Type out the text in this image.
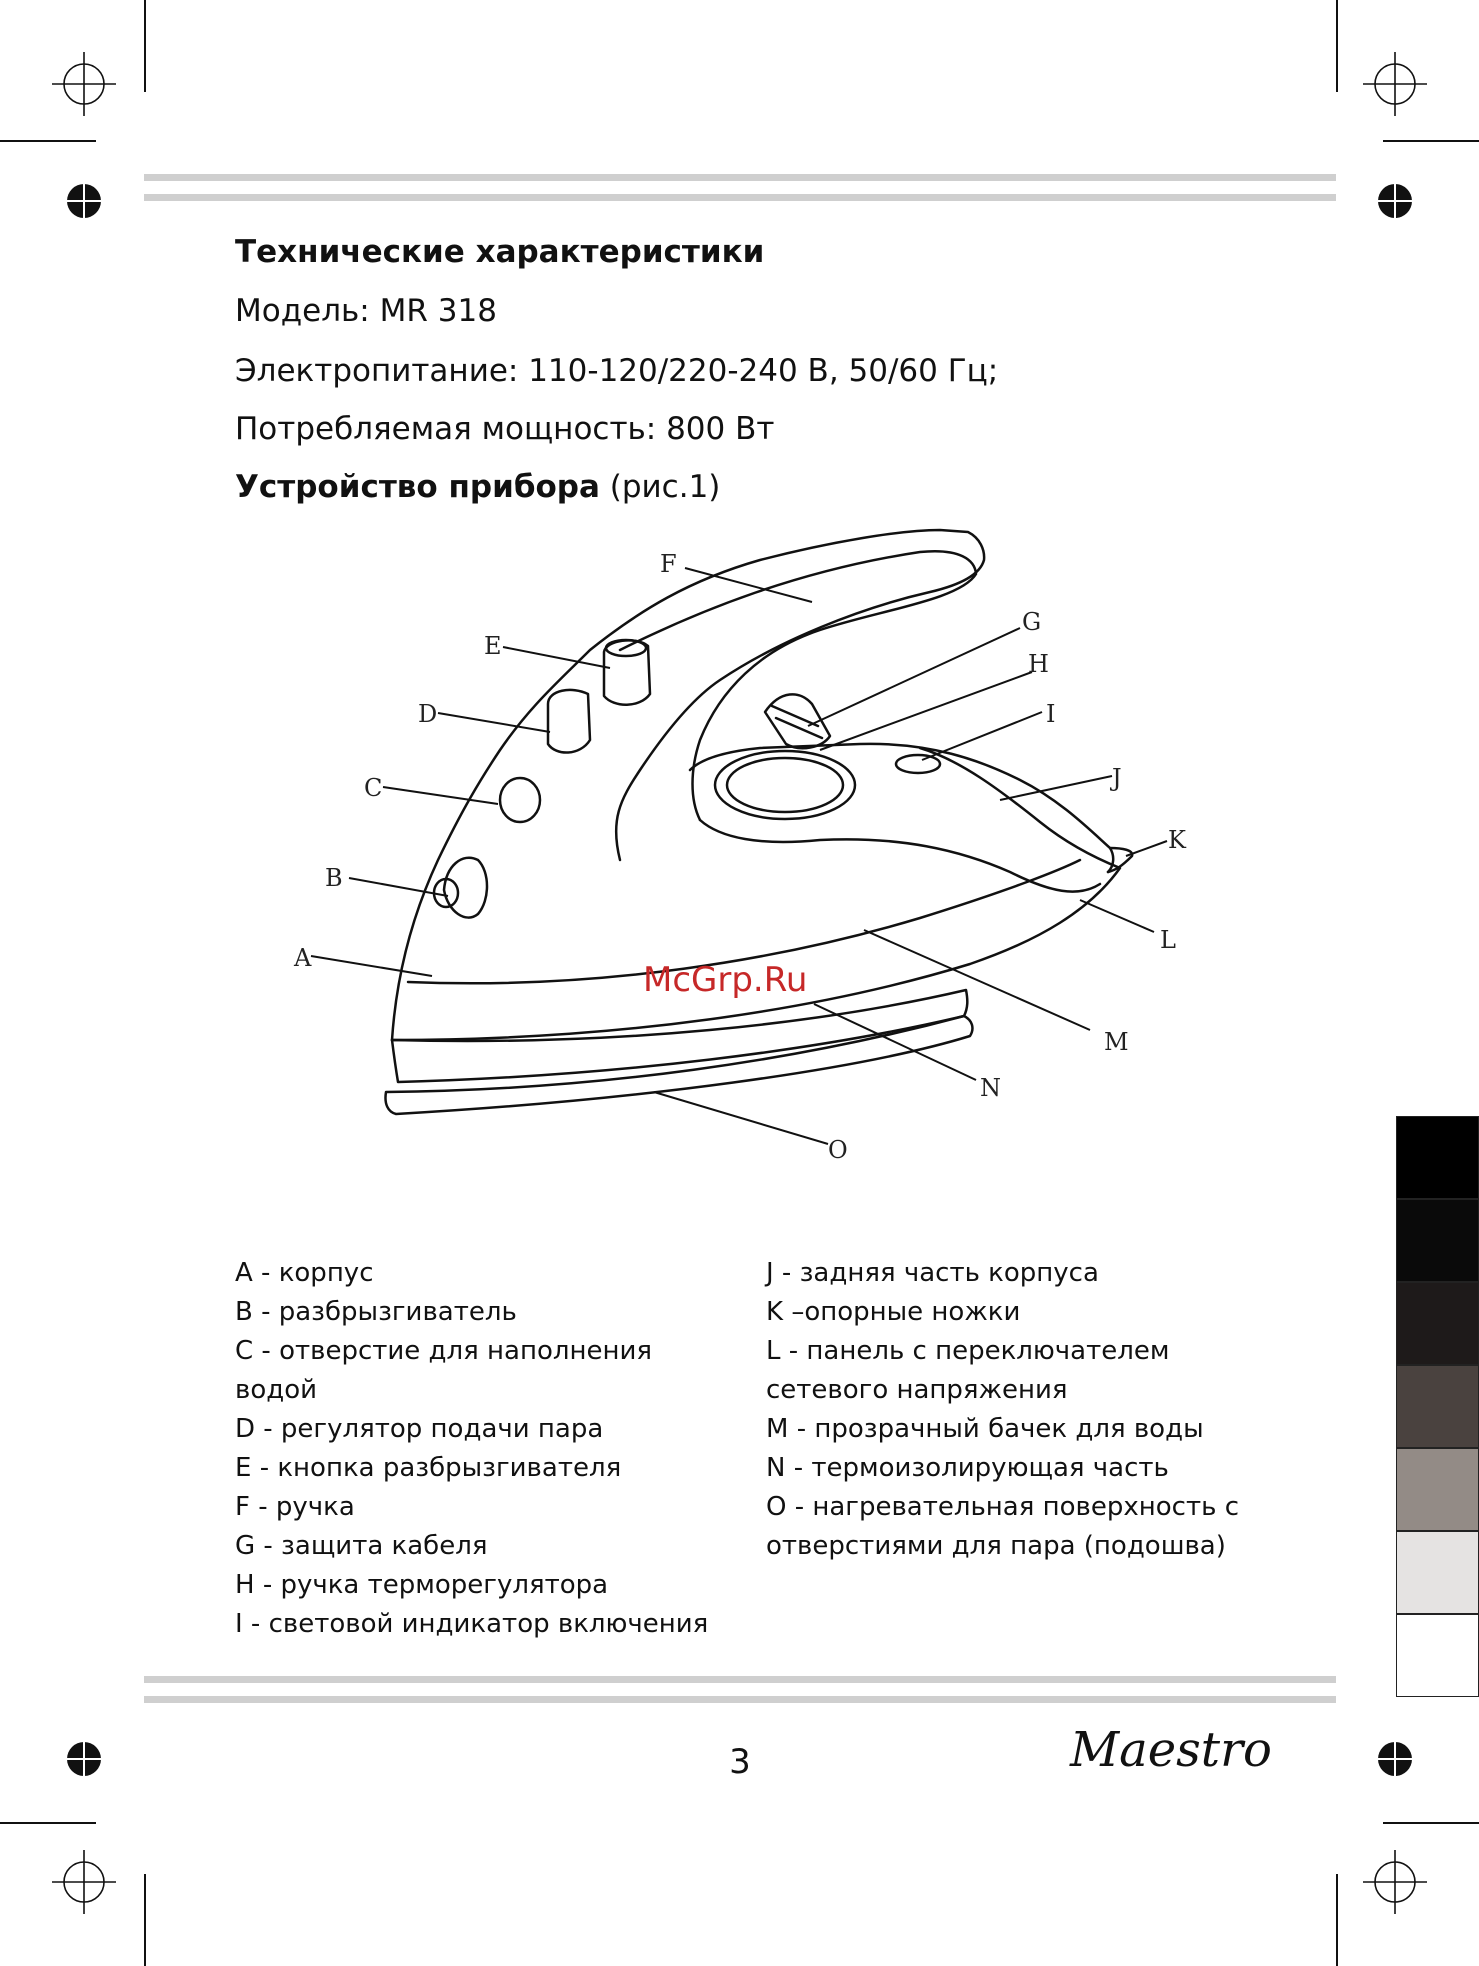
Технические характеристики
Модель: MR 318
Электропитание: 110-120/220-240 В, 50/60 Гц;
Потребляемая мощность: 800 Вт
Устройство прибора (рис.1)
F
E
D
C
B
A
G
H
I
J
K
L
M
N
O
McGrp.Ru
A - корпус
B - разбрызгиватель
C - отверстие для наполнения
водой
D - регулятор подачи пара
E - кнопка разбрызгивателя
F - ручка
G - защита кабеля
H - ручка терморегулятора
I - световой индикатор включения
J - задняя часть корпуса
K –опорные ножки
L - панель с переключателем
сетевого напряжения
M - прозрачный бачек для воды
N - термоизолирующая часть
O - нагревательная поверхность с
отверстиями для пара (подошва)
3	Maestro
